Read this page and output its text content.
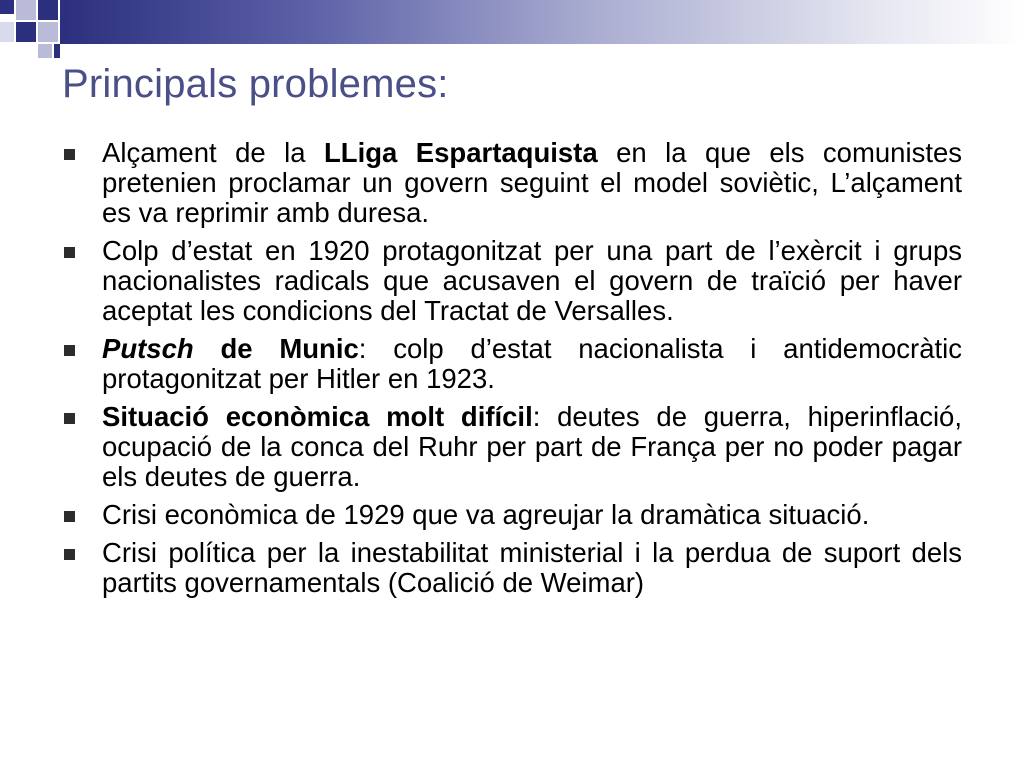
Principals problemes:
Alçament de la LLiga Espartaquista en la que els comunistes pretenien proclamar un govern seguint el model soviètic, L’alçament es va reprimir amb duresa.
Colp d’estat en 1920 protagonitzat per una part de l’exèrcit i grups nacionalistes radicals que acusaven el govern de traïció per haver aceptat les condicions del Tractat de Versalles.
Putsch de Munic: colp d’estat nacionalista i antidemocràtic protagonitzat per Hitler en 1923.
Situació econòmica molt difícil: deutes de guerra, hiperinflació, ocupació de la conca del Ruhr per part de França per no poder pagar els deutes de guerra.
Crisi econòmica de 1929 que va agreujar la dramàtica situació.
Crisi política per la inestabilitat ministerial i la perdua de suport dels partits governamentals (Coalició de Weimar)
